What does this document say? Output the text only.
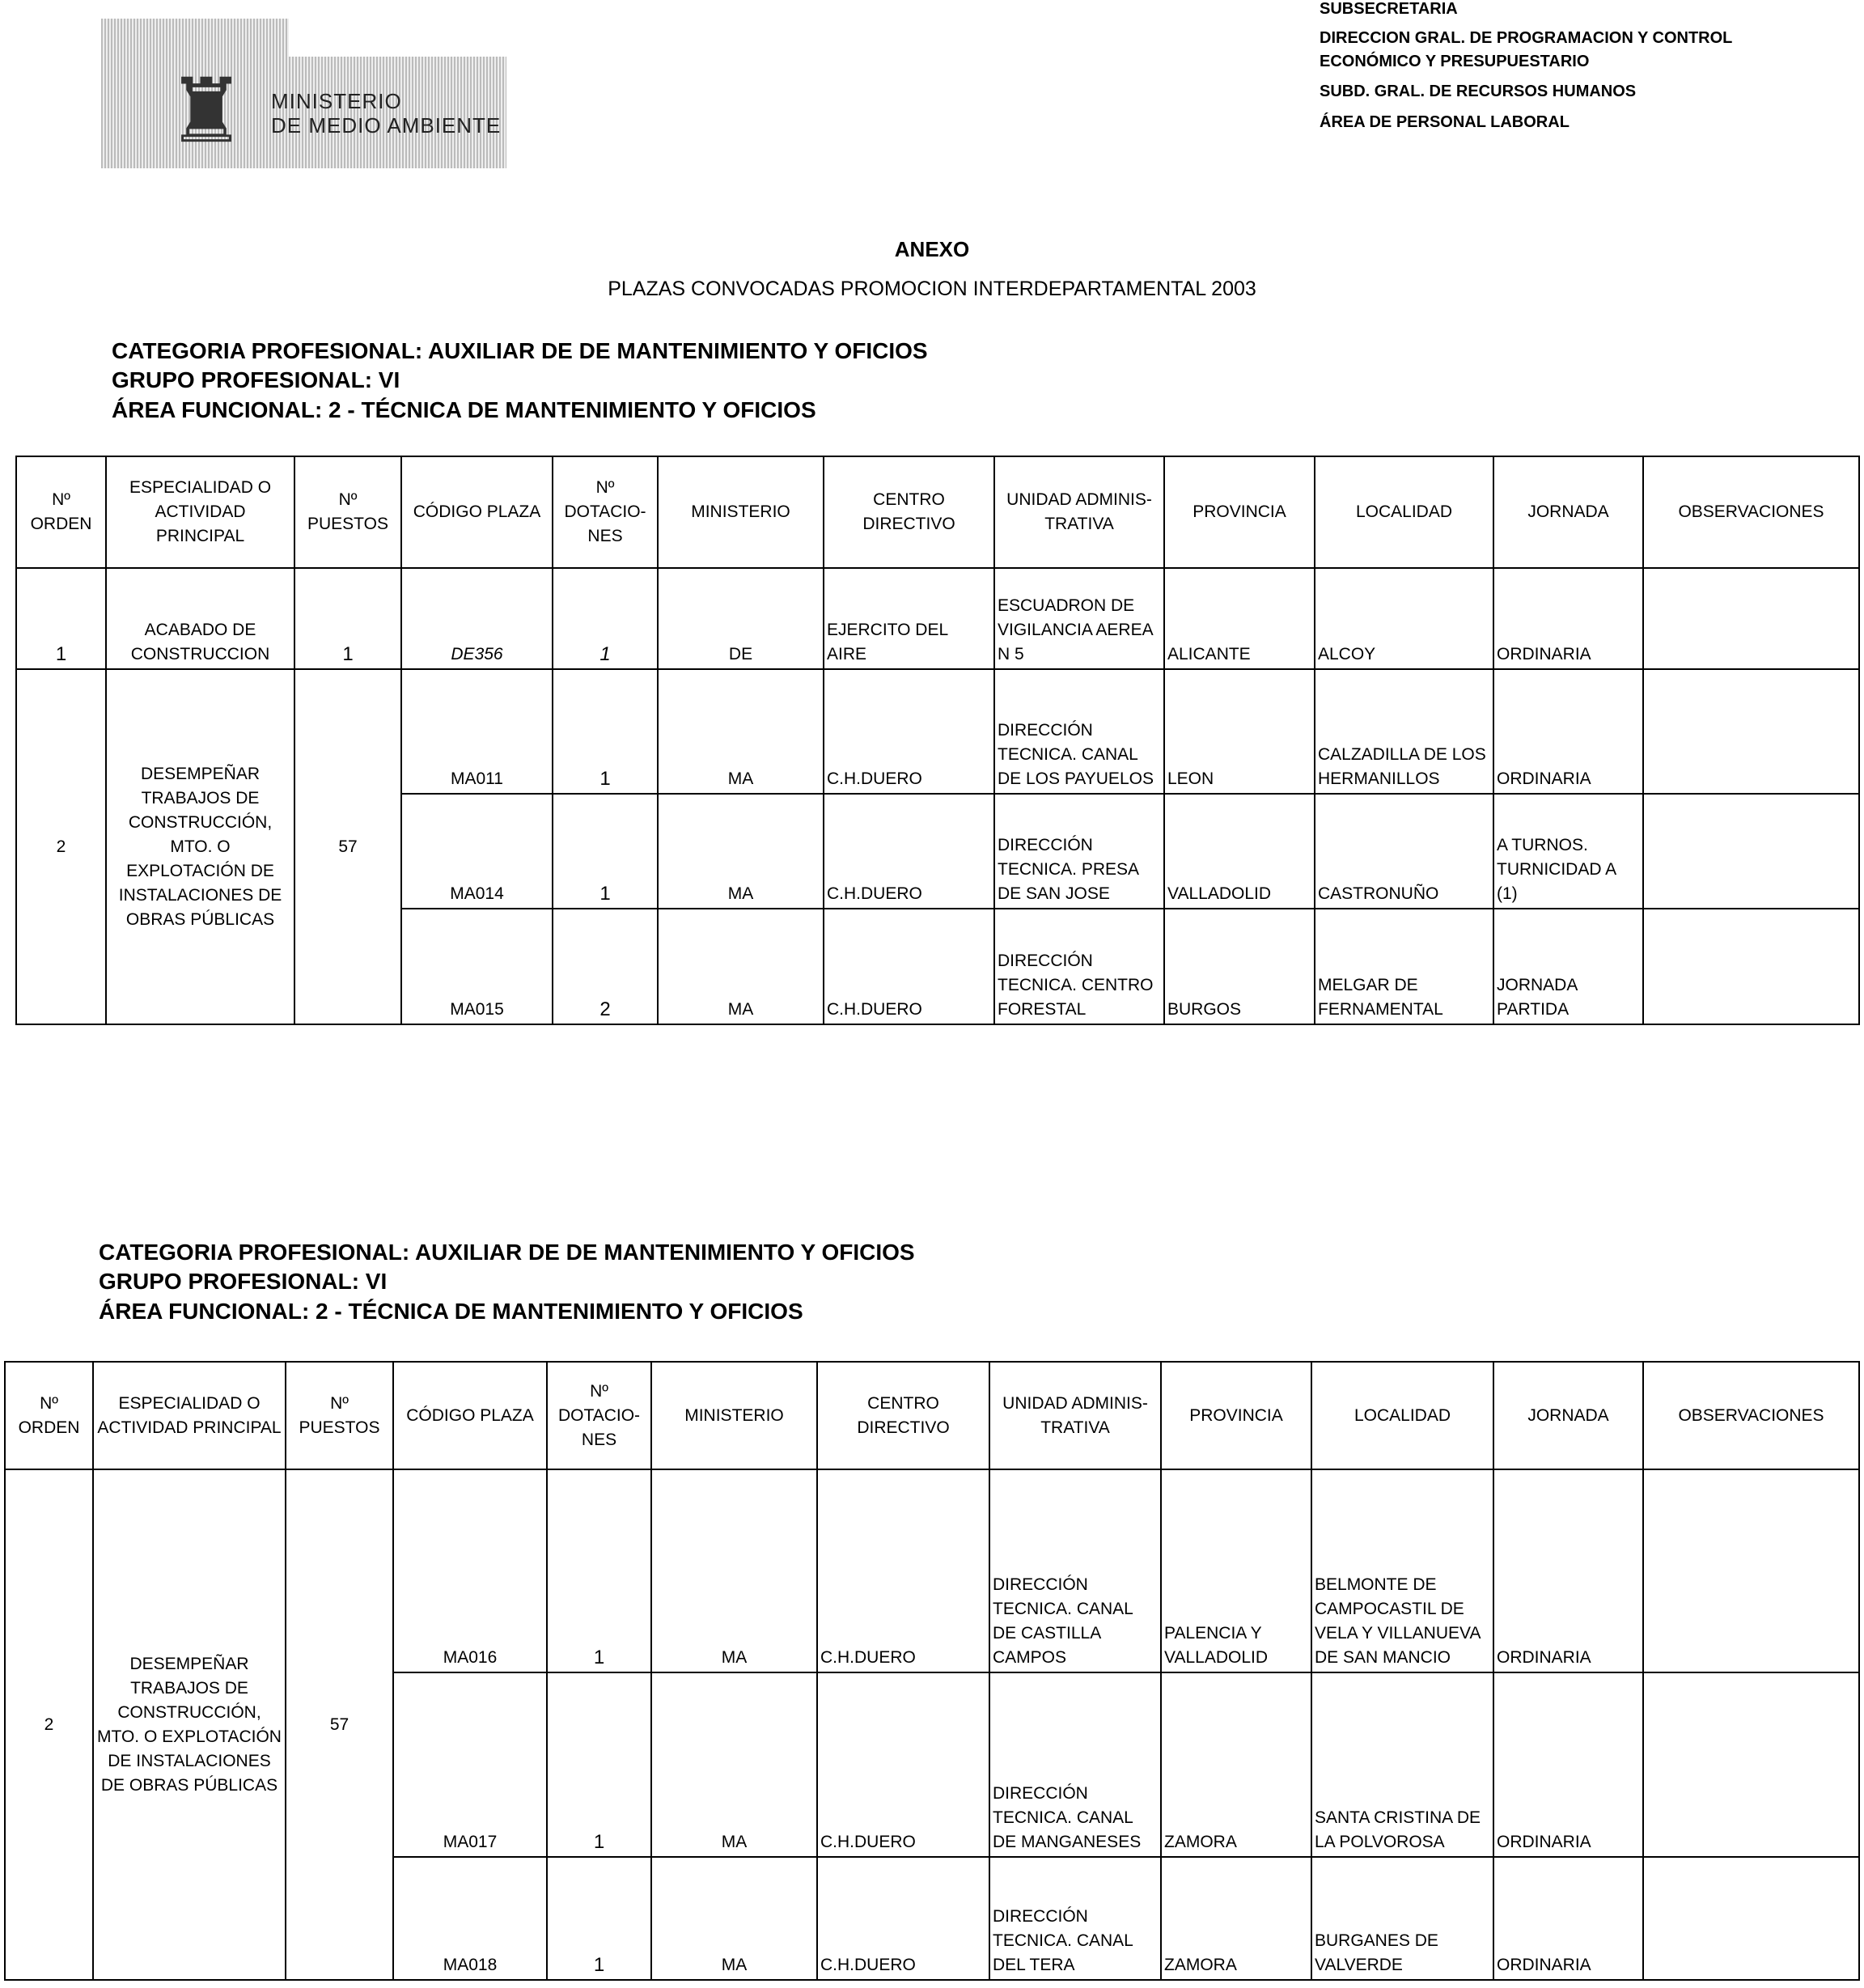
♜	MINISTERIO
DE MEDIO AMBIENTE
SUBSECRETARIA
DIRECCION GRAL. DE PROGRAMACION Y CONTROL
ECONÓMICO Y PRESUPUESTARIO
SUBD. GRAL. DE RECURSOS HUMANOS
ÁREA DE PERSONAL LABORAL
ANEXO
PLAZAS CONVOCADAS PROMOCION INTERDEPARTAMENTAL 2003
CATEGORIA PROFESIONAL: AUXILIAR DE DE MANTENIMIENTO Y OFICIOS
GRUPO PROFESIONAL: VI
ÁREA FUNCIONAL: 2 - TÉCNICA DE MANTENIMIENTO Y OFICIOS
Nº ORDEN	ESPECIALIDAD O ACTIVIDAD PRINCIPAL	Nº PUESTOS	CÓDIGO PLAZA	Nº DOTACIO-NES	MINISTERIO	CENTRO DIRECTIVO	UNIDAD ADMINIS-TRATIVA	PROVINCIA	LOCALIDAD	JORNADA	OBSERVACIONES
1	ACABADO DE CONSTRUCCION	1	DE356	1	DE	EJERCITO DEL AIRE	ESCUADRON DE VIGILANCIA AEREA N 5	ALICANTE	ALCOY	ORDINARIA	
2	DESEMPEÑAR TRABAJOS DE CONSTRUCCIÓN, MTO. O EXPLOTACIÓN DE INSTALACIONES DE OBRAS PÚBLICAS	57	MA011	1	MA	C.H.DUERO	DIRECCIÓN TECNICA. CANAL DE LOS PAYUELOS	LEON	CALZADILLA DE LOS HERMANILLOS	ORDINARIA	
			MA014	1	MA	C.H.DUERO	DIRECCIÓN TECNICA. PRESA DE SAN JOSE	VALLADOLID	CASTRONUÑO	A TURNOS. TURNICIDAD A (1)	
			MA015	2	MA	C.H.DUERO	DIRECCIÓN TECNICA. CENTRO FORESTAL	BURGOS	MELGAR DE FERNAMENTAL	JORNADA PARTIDA	
CATEGORIA PROFESIONAL: AUXILIAR DE DE MANTENIMIENTO Y OFICIOS
GRUPO PROFESIONAL: VI
ÁREA FUNCIONAL: 2 - TÉCNICA DE MANTENIMIENTO Y OFICIOS
Nº ORDEN	ESPECIALIDAD O ACTIVIDAD PRINCIPAL	Nº PUESTOS	CÓDIGO PLAZA	Nº DOTACIO-NES	MINISTERIO	CENTRO DIRECTIVO	UNIDAD ADMINIS-TRATIVA	PROVINCIA	LOCALIDAD	JORNADA	OBSERVACIONES
2	DESEMPEÑAR TRABAJOS DE CONSTRUCCIÓN, MTO. O EXPLOTACIÓN DE INSTALACIONES DE OBRAS PÚBLICAS	57	MA016	1	MA	C.H.DUERO	DIRECCIÓN TECNICA. CANAL DE CASTILLA CAMPOS	PALENCIA Y VALLADOLID	BELMONTE DE CAMPOCASTIL DE VELA Y VILLANUEVA DE SAN MANCIO	ORDINARIA	
			MA017	1	MA	C.H.DUERO	DIRECCIÓN TECNICA. CANAL DE MANGANESES	ZAMORA	SANTA CRISTINA DE LA POLVOROSA	ORDINARIA	
			MA018	1	MA	C.H.DUERO	DIRECCIÓN TECNICA. CANAL DEL TERA	ZAMORA	BURGANES DE VALVERDE	ORDINARIA	
